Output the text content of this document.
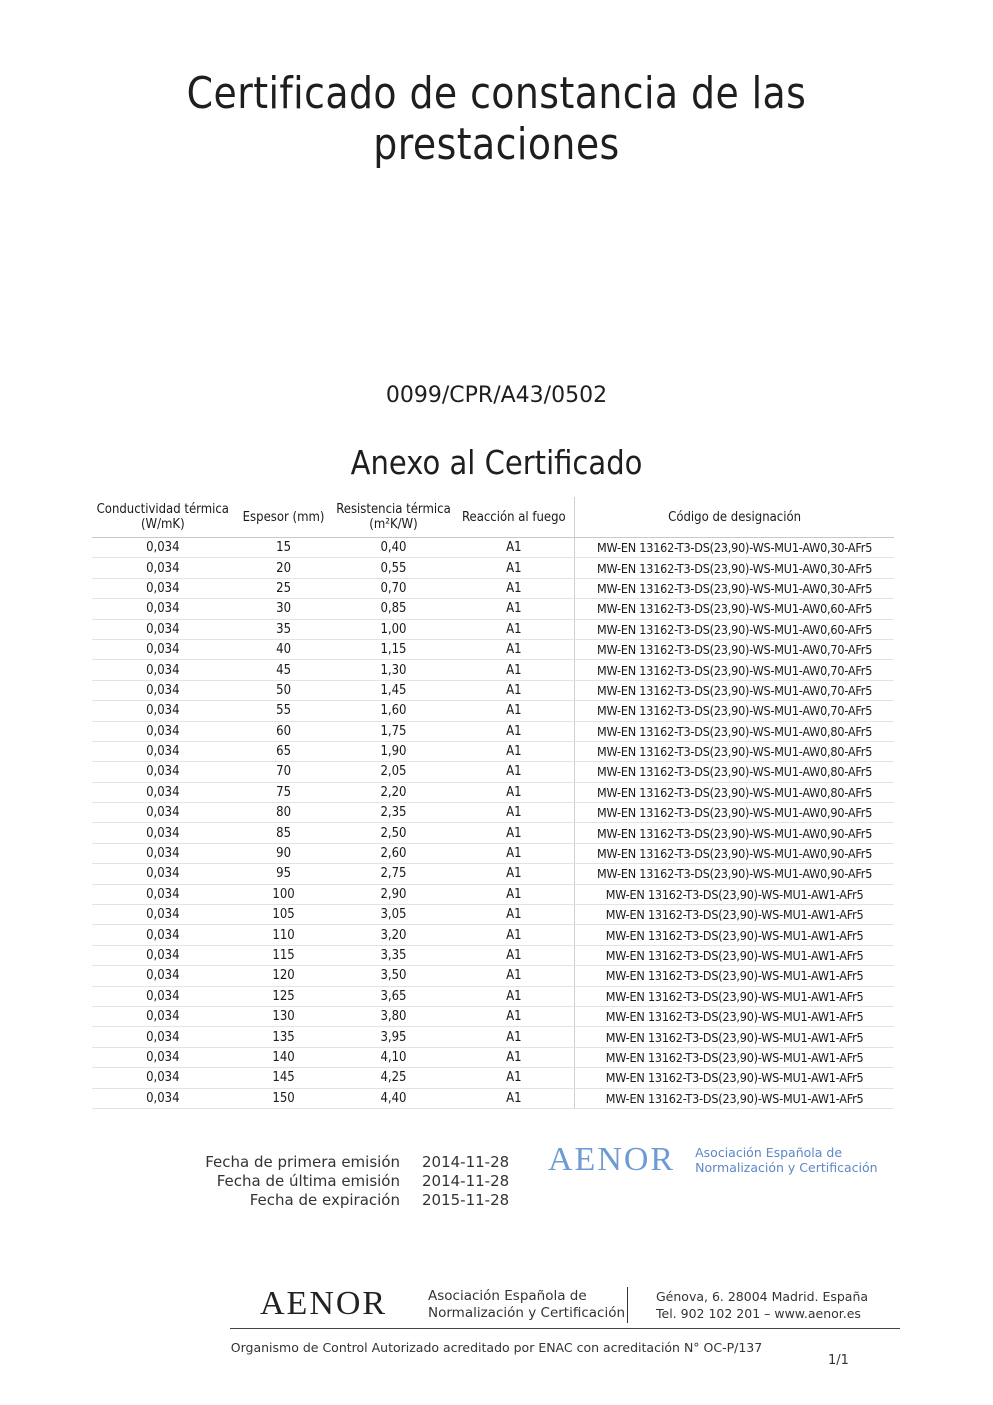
Certificado de constancia de las prestaciones
0099/CPR/A43/0502
Anexo al Certificado
Conductividad térmica (W/mK)	Espesor (mm)	Resistencia térmica (m²K/W)	Reacción al fuego	Código de designación
0,034	15	0,40	A1	MW-EN 13162-T3-DS(23,90)-WS-MU1-AW0,30-AFr5
0,034	20	0,55	A1	MW-EN 13162-T3-DS(23,90)-WS-MU1-AW0,30-AFr5
0,034	25	0,70	A1	MW-EN 13162-T3-DS(23,90)-WS-MU1-AW0,30-AFr5
0,034	30	0,85	A1	MW-EN 13162-T3-DS(23,90)-WS-MU1-AW0,60-AFr5
0,034	35	1,00	A1	MW-EN 13162-T3-DS(23,90)-WS-MU1-AW0,60-AFr5
0,034	40	1,15	A1	MW-EN 13162-T3-DS(23,90)-WS-MU1-AW0,70-AFr5
0,034	45	1,30	A1	MW-EN 13162-T3-DS(23,90)-WS-MU1-AW0,70-AFr5
0,034	50	1,45	A1	MW-EN 13162-T3-DS(23,90)-WS-MU1-AW0,70-AFr5
0,034	55	1,60	A1	MW-EN 13162-T3-DS(23,90)-WS-MU1-AW0,70-AFr5
0,034	60	1,75	A1	MW-EN 13162-T3-DS(23,90)-WS-MU1-AW0,80-AFr5
0,034	65	1,90	A1	MW-EN 13162-T3-DS(23,90)-WS-MU1-AW0,80-AFr5
0,034	70	2,05	A1	MW-EN 13162-T3-DS(23,90)-WS-MU1-AW0,80-AFr5
0,034	75	2,20	A1	MW-EN 13162-T3-DS(23,90)-WS-MU1-AW0,80-AFr5
0,034	80	2,35	A1	MW-EN 13162-T3-DS(23,90)-WS-MU1-AW0,90-AFr5
0,034	85	2,50	A1	MW-EN 13162-T3-DS(23,90)-WS-MU1-AW0,90-AFr5
0,034	90	2,60	A1	MW-EN 13162-T3-DS(23,90)-WS-MU1-AW0,90-AFr5
0,034	95	2,75	A1	MW-EN 13162-T3-DS(23,90)-WS-MU1-AW0,90-AFr5
0,034	100	2,90	A1	MW-EN 13162-T3-DS(23,90)-WS-MU1-AW1-AFr5
0,034	105	3,05	A1	MW-EN 13162-T3-DS(23,90)-WS-MU1-AW1-AFr5
0,034	110	3,20	A1	MW-EN 13162-T3-DS(23,90)-WS-MU1-AW1-AFr5
0,034	115	3,35	A1	MW-EN 13162-T3-DS(23,90)-WS-MU1-AW1-AFr5
0,034	120	3,50	A1	MW-EN 13162-T3-DS(23,90)-WS-MU1-AW1-AFr5
0,034	125	3,65	A1	MW-EN 13162-T3-DS(23,90)-WS-MU1-AW1-AFr5
0,034	130	3,80	A1	MW-EN 13162-T3-DS(23,90)-WS-MU1-AW1-AFr5
0,034	135	3,95	A1	MW-EN 13162-T3-DS(23,90)-WS-MU1-AW1-AFr5
0,034	140	4,10	A1	MW-EN 13162-T3-DS(23,90)-WS-MU1-AW1-AFr5
0,034	145	4,25	A1	MW-EN 13162-T3-DS(23,90)-WS-MU1-AW1-AFr5
0,034	150	4,40	A1	MW-EN 13162-T3-DS(23,90)-WS-MU1-AW1-AFr5
Fecha de primera emisión	2014-11-28
Fecha de última emisión	2014-11-28
Fecha de expiración	2015-11-28
AENOR Asociación Española de
Normalización y Certificación
AENOR	Asociación Española de
Normalización y Certificación
Génova, 6. 28004 Madrid. España
Tel. 902 102 201 – www.aenor.es
Organismo de Control Autorizado acreditado por ENAC con acreditación N° OC-P/137
1/1
